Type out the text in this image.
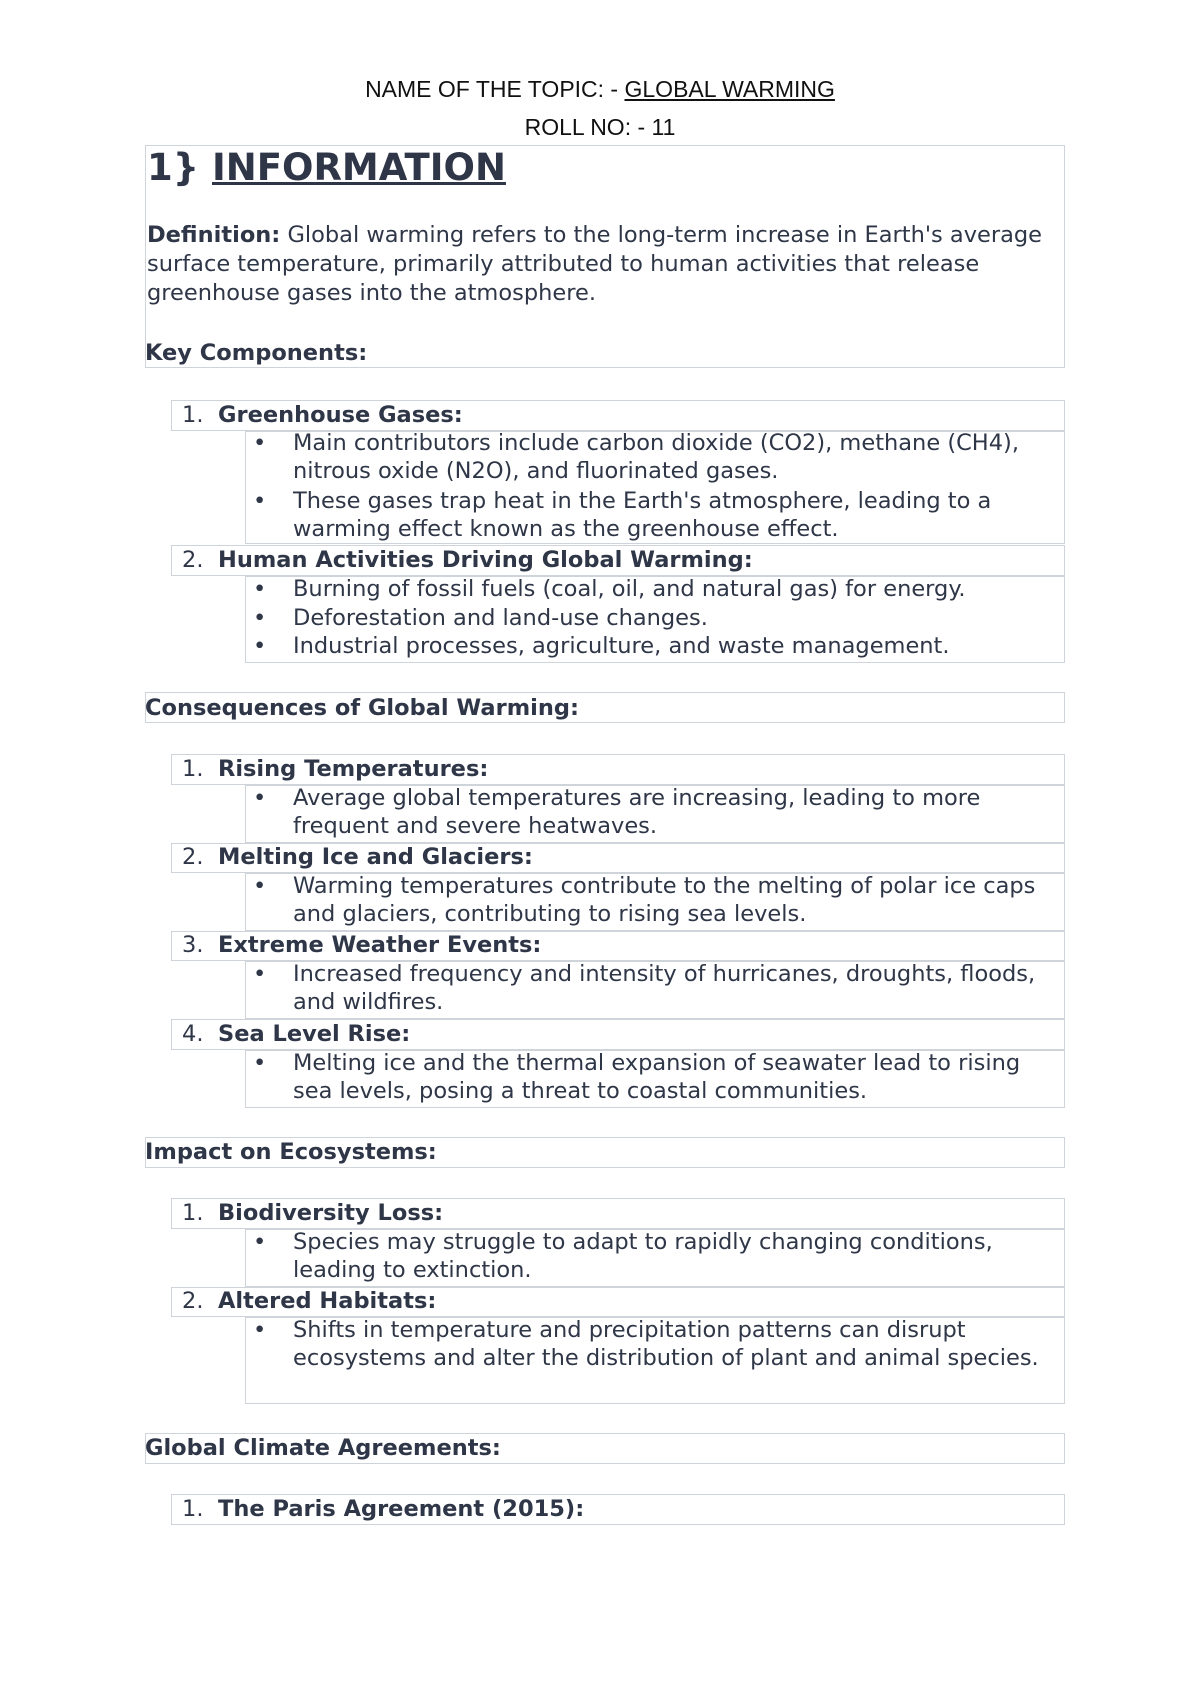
NAME OF THE TOPIC: - GLOBAL WARMING
ROLL NO: - 11
1} INFORMATION
Definition: Global warming refers to the long-term increase in Earth's average surface temperature, primarily attributed to human activities that release greenhouse gases into the atmosphere.
Key Components:
1. Greenhouse Gases:
• Main contributors include carbon dioxide (CO2), methane (CH4), nitrous oxide (N2O), and fluorinated gases.
• These gases trap heat in the Earth's atmosphere, leading to a warming effect known as the greenhouse effect.
2. Human Activities Driving Global Warming:
• Burning of fossil fuels (coal, oil, and natural gas) for energy.
• Deforestation and land-use changes.
• Industrial processes, agriculture, and waste management.
Consequences of Global Warming:
1. Rising Temperatures:
• Average global temperatures are increasing, leading to more frequent and severe heatwaves.
2. Melting Ice and Glaciers:
• Warming temperatures contribute to the melting of polar ice caps and glaciers, contributing to rising sea levels.
3. Extreme Weather Events:
• Increased frequency and intensity of hurricanes, droughts, floods, and wildfires.
4. Sea Level Rise:
• Melting ice and the thermal expansion of seawater lead to rising sea levels, posing a threat to coastal communities.
Impact on Ecosystems:
1. Biodiversity Loss:
• Species may struggle to adapt to rapidly changing conditions, leading to extinction.
2. Altered Habitats:
• Shifts in temperature and precipitation patterns can disrupt ecosystems and alter the distribution of plant and animal species.
Global Climate Agreements:
1. The Paris Agreement (2015):
